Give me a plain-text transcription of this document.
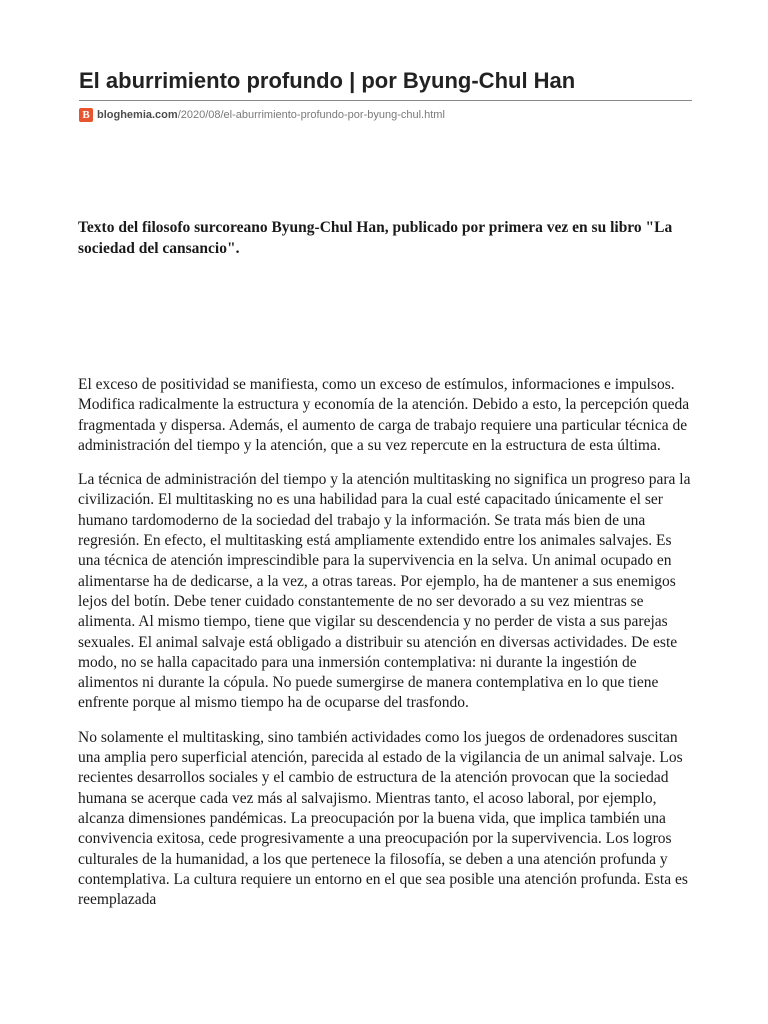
El aburrimiento profundo | por Byung-Chul Han
B bloghemia.com /2020/08/el-aburrimiento-profundo-por-byung-chul.html

Texto del filosofo surcoreano Byung-Chul Han, publicado por primera vez en su libro "La sociedad del cansancio".

El exceso de positividad se manifiesta, como un exceso de estímulos, informaciones e impulsos. Modifica radicalmente la estructura y economía de la atención. Debido a esto, la percepción queda fragmentada y dispersa. Además, el aumento de carga de trabajo requiere una particular técnica de administración del tiempo y la atención, que a su vez repercute en la estructura de esta última.

La técnica de administración del tiempo y la atención multitasking no significa un progreso para la civilización. El multitasking no es una habilidad para la cual esté capacitado únicamente el ser humano tardomoderno de la sociedad del trabajo y la información. Se trata más bien de una regresión. En efecto, el multitasking está ampliamente extendido entre los animales salvajes. Es una técnica de atención imprescindible para la supervivencia en la selva. Un animal ocupado en alimentarse ha de dedicarse, a la vez, a otras tareas. Por ejemplo, ha de mantener a sus enemigos lejos del botín. Debe tener cuidado constantemente de no ser devorado a su vez mientras se alimenta. Al mismo tiempo, tiene que vigilar su descendencia y no perder de vista a sus parejas sexuales. El animal salvaje está obligado a distribuir su atención en diversas actividades. De este modo, no se halla capacitado para una inmersión contemplativa: ni durante la ingestión de alimentos ni durante la cópula. No puede sumergirse de manera contemplativa en lo que tiene enfrente porque al mismo tiempo ha de ocuparse del trasfondo.

No solamente el multitasking, sino también actividades como los juegos de ordenadores suscitan una amplia pero superficial atención, parecida al estado de la vigilancia de un animal salvaje. Los recientes desarrollos sociales y el cambio de estructura de la atención provocan que la sociedad humana se acerque cada vez más al salvajismo. Mientras tanto, el acoso laboral, por ejemplo, alcanza dimensiones pandémicas. La preocupación por la buena vida, que implica también una convivencia exitosa, cede progresivamente a una preocupación por la supervivencia. Los logros culturales de la humanidad, a los que pertenece la filosofía, se deben a una atención profunda y contemplativa. La cultura requiere un entorno en el que sea posible una atención profunda. Esta es reemplazada
